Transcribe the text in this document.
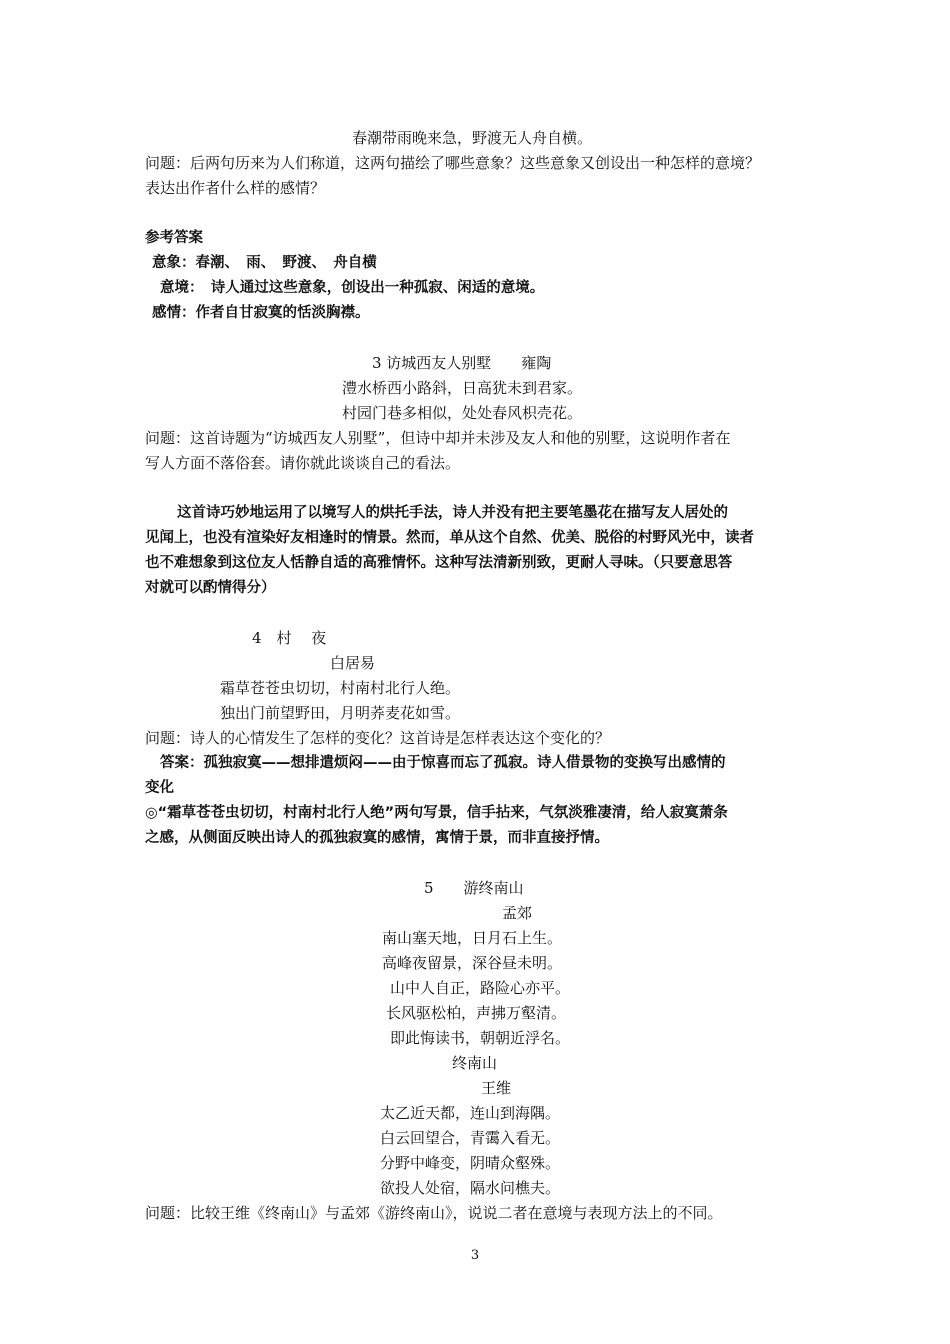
春潮带雨晚来急，野渡无人舟自横。
问题：后两句历来为人们称道，这两句描绘了哪些意象？这些意象又创设出一种怎样的意境？
表达出作者什么样的感情？
参考答案
意象：春潮、　雨、　野渡、　舟自横
意境：　诗人通过这些意象，创设出一种孤寂、闲适的意境。
感情：作者自甘寂寞的恬淡胸襟。
3 访城西友人别墅　　雍陶
澧水桥西小路斜，日高犹未到君家。
村园门巷多相似，处处春风枳壳花。
问题：这首诗题为“访城西友人别墅”，但诗中却并未涉及友人和他的别墅，这说明作者在
写人方面不落俗套。请你就此谈谈自己的看法。
这首诗巧妙地运用了以境写人的烘托手法，诗人并没有把主要笔墨花在描写友人居处的
见闻上，也没有渲染好友相逢时的情景。然而，单从这个自然、优美、脱俗的村野风光中，读者
也不难想象到这位友人恬静自适的高雅情怀。这种写法清新别致，更耐人寻味。（只要意思答
对就可以酌情得分）
4　村　 夜
白居易
霜草苍苍虫切切，村南村北行人绝。
独出门前望野田，月明荞麦花如雪。
问题：诗人的心情发生了怎样的变化？这首诗是怎样表达这个变化的？
答案：孤独寂寞——想排遣烦闷——由于惊喜而忘了孤寂。诗人借景物的变换写出感情的
变化
◎“霜草苍苍虫切切，村南村北行人绝”两句写景，信手拈来，气氛淡雅凄清，给人寂寞萧条
之感，从侧面反映出诗人的孤独寂寞的感情，寓情于景，而非直接抒情。
5　　游终南山
孟郊
南山塞天地，日月石上生。
高峰夜留景，深谷昼未明。
山中人自正，路险心亦平。
长风驱松柏，声拂万壑清。
即此悔读书，朝朝近浮名。
终南山
王维
太乙近天都，连山到海隅。
白云回望合，青霭入看无。
分野中峰变，阴晴众壑殊。
欲投人处宿，隔水问樵夫。
问题：比较王维《终南山》与孟郊《游终南山》，说说二者在意境与表现方法上的不同。
3
